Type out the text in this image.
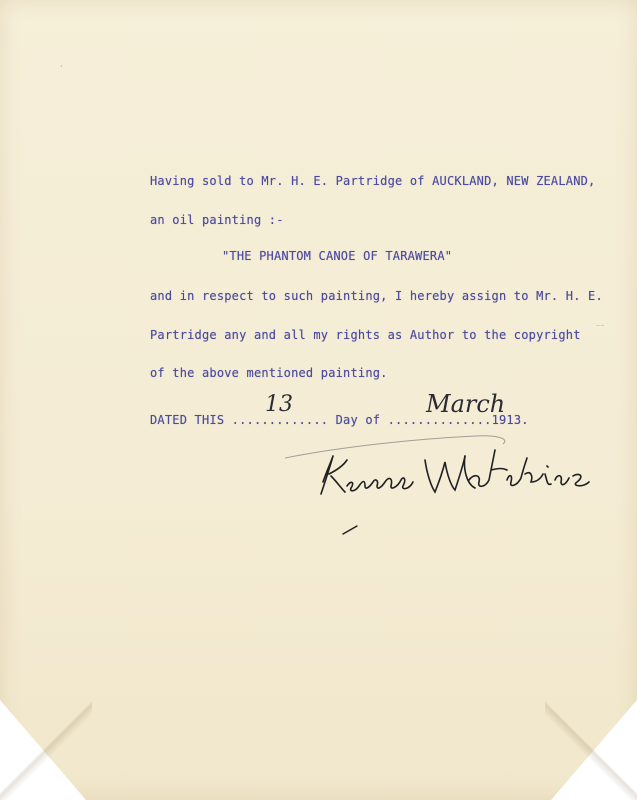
Having sold to Mr. H. E. Partridge of AUCKLAND, NEW ZEALAND,
an oil painting :-
"THE PHANTOM CANOE OF TARAWERA"
and in respect to such painting, I hereby assign to Mr. H. E.
Partridge any and all my rights as Author to the copyright
of the above mentioned painting.
DATED THIS ............. Day of ..............1913.
13	March
⁻⁻
·
